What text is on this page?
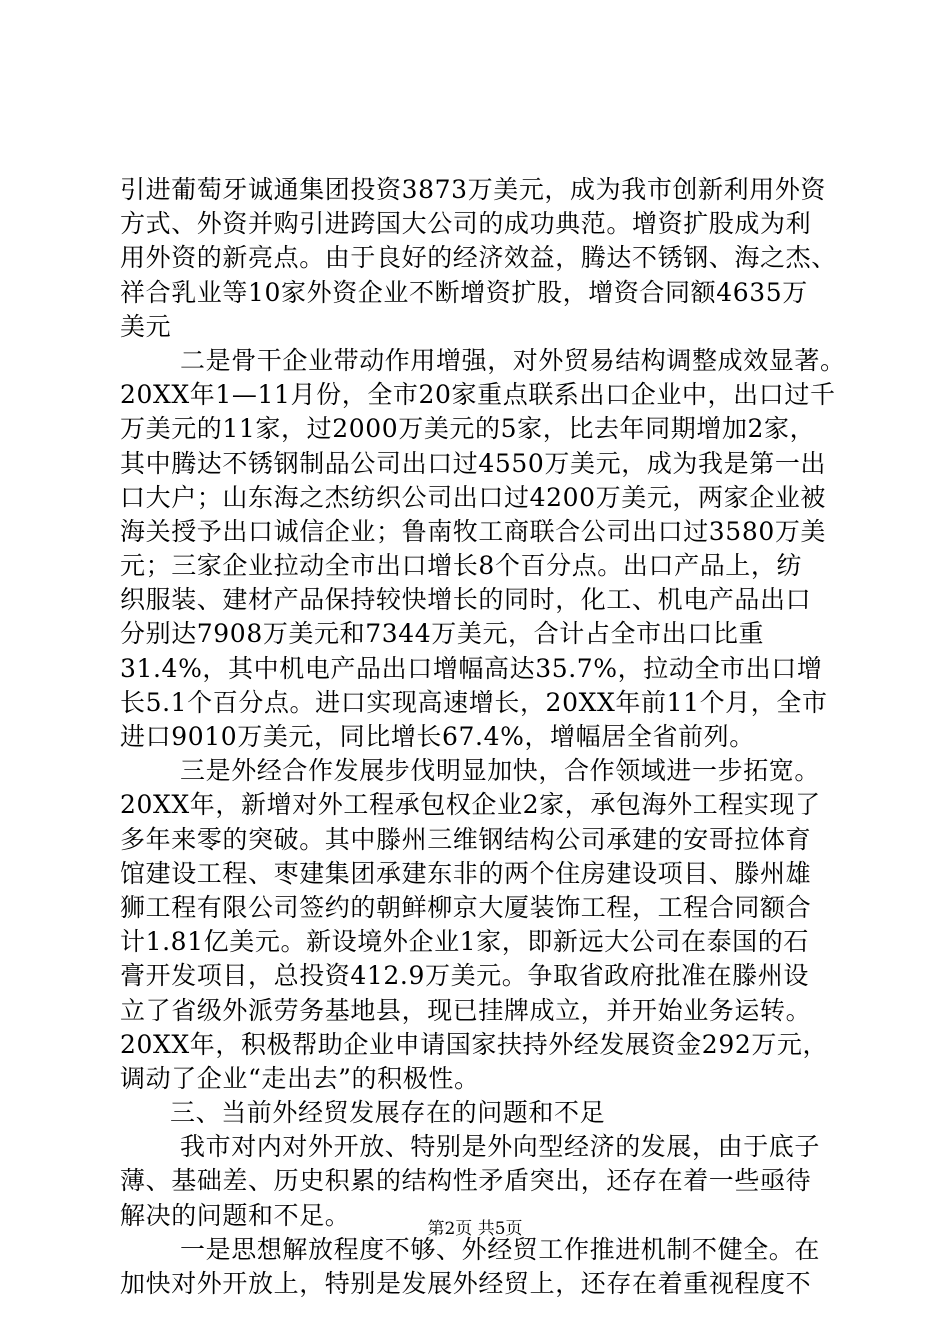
引进葡萄牙诚通集团投资3873万美元，成为我市创新利用外资
方式、外资并购引进跨国大公司的成功典范。增资扩股成为利
用外资的新亮点。由于良好的经济效益，腾达不锈钢、海之杰、
祥合乳业等10家外资企业不断增资扩股，增资合同额4635万
美元
二是骨干企业带动作用增强，对外贸易结构调整成效显著。
20XX年1—11月份，全市20家重点联系出口企业中，出口过千
万美元的11家，过2000万美元的5家，比去年同期增加2家，
其中腾达不锈钢制品公司出口过4550万美元，成为我是第一出
口大户；山东海之杰纺织公司出口过4200万美元，两家企业被
海关授予出口诚信企业；鲁南牧工商联合公司出口过3580万美
元；三家企业拉动全市出口增长8个百分点。出口产品上，纺
织服装、建材产品保持较快增长的同时，化工、机电产品出口
分别达7908万美元和7344万美元，合计占全市出口比重
31.4%，其中机电产品出口增幅高达35.7%，拉动全市出口增
长5.1个百分点。进口实现高速增长，20XX年前11个月，全市
进口9010万美元，同比增长67.4%，增幅居全省前列。
三是外经合作发展步伐明显加快，合作领域进一步拓宽。
20XX年，新增对外工程承包权企业2家，承包海外工程实现了
多年来零的突破。其中滕州三维钢结构公司承建的安哥拉体育
馆建设工程、枣建集团承建东非的两个住房建设项目、滕州雄
狮工程有限公司签约的朝鲜柳京大厦装饰工程，工程合同额合
计1.81亿美元。新设境外企业1家，即新远大公司在泰国的石
膏开发项目，总投资412.9万美元。争取省政府批准在滕州设
立了省级外派劳务基地县，现已挂牌成立，并开始业务运转。
20XX年，积极帮助企业申请国家扶持外经发展资金292万元，
调动了企业“走出去”的积极性。
三、当前外经贸发展存在的问题和不足
我市对内对外开放、特别是外向型经济的发展，由于底子
薄、基础差、历史积累的结构性矛盾突出，还存在着一些亟待
解决的问题和不足。
一是思想解放程度不够、外经贸工作推进机制不健全。在
加快对外开放上，特别是发展外经贸上，还存在着重视程度不
第2页 共5页
